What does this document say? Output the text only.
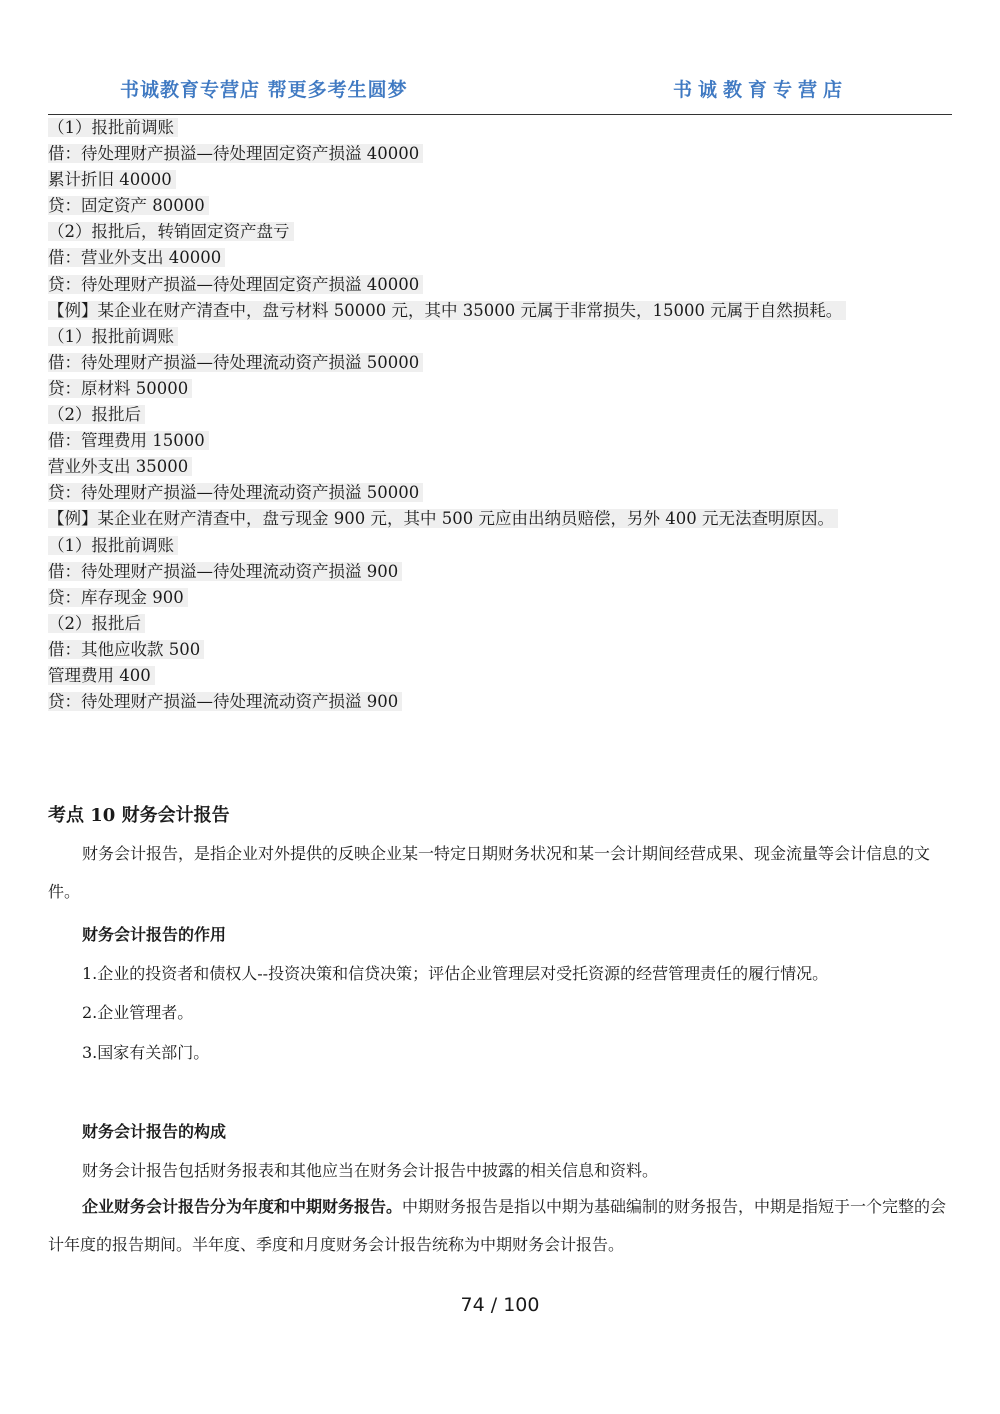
书诚教育专营店 帮更多考生圆梦	书诚教育专营店
（1）报批前调账
借：待处理财产损溢—待处理固定资产损溢 40000
累计折旧 40000
贷：固定资产 80000
（2）报批后，转销固定资产盘亏
借：营业外支出 40000
贷：待处理财产损溢—待处理固定资产损溢 40000
【例】某企业在财产清查中，盘亏材料 50000 元，其中 35000 元属于非常损失，15000 元属于自然损耗。
（1）报批前调账
借：待处理财产损溢—待处理流动资产损溢 50000
贷：原材料 50000
（2）报批后
借：管理费用 15000
营业外支出 35000
贷：待处理财产损溢—待处理流动资产损溢 50000
【例】某企业在财产清查中，盘亏现金 900 元，其中 500 元应由出纳员赔偿，另外 400 元无法查明原因。
（1）报批前调账
借：待处理财产损溢—待处理流动资产损溢 900
贷：库存现金 900
（2）报批后
借：其他应收款 500
管理费用 400
贷：待处理财产损溢—待处理流动资产损溢 900
考点 10 财务会计报告
财务会计报告，是指企业对外提供的反映企业某一特定日期财务状况和某一会计期间经营成果、现金流量等会计信息的文件。
财务会计报告的作用
1.企业的投资者和债权人--投资决策和信贷决策；评估企业管理层对受托资源的经营管理责任的履行情况。
2.企业管理者。
3.国家有关部门。
财务会计报告的构成
财务会计报告包括财务报表和其他应当在财务会计报告中披露的相关信息和资料。
企业财务会计报告分为年度和中期财务报告。中期财务报告是指以中期为基础编制的财务报告，中期是指短于一个完整的会计年度的报告期间。半年度、季度和月度财务会计报告统称为中期财务会计报告。
74 / 100
